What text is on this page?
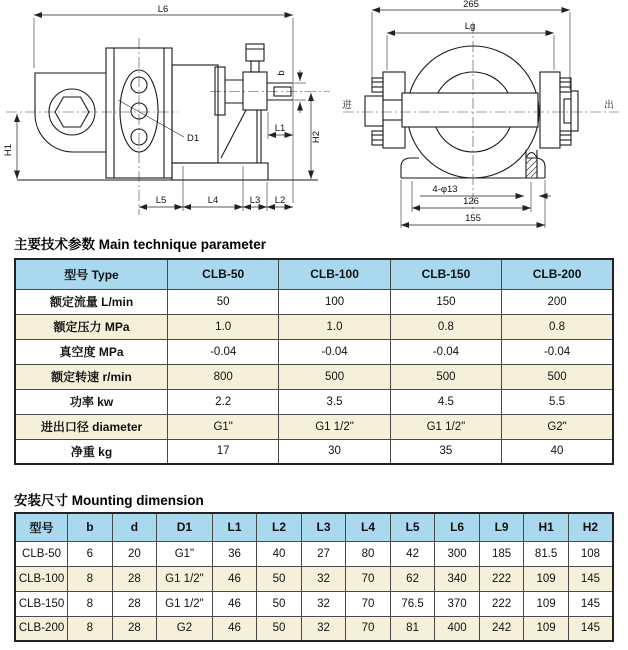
L6
H1
D1
b
L1
H2
L5	L4	L3 L2
265
Lg
进	出
4-φ13
126
155
主要技术参数 Main technique parameter
型号 Type	CLB-50	CLB-100	CLB-150	CLB-200
额定流量 L/min	50	100	150	200
额定压力 MPa	1.0	1.0	0.8	0.8
真空度 MPa	-0.04	-0.04	-0.04	-0.04
额定转速 r/min	800	500	500	500
功率 kw	2.2	3.5	4.5	5.5
进出口径 diameter	G1"	G1 1/2"	G1 1/2"	G2"
净重 kg	17	30	35	40
安装尺寸 Mounting dimension
型号	b	d	D1	L1	L2	L3	L4	L5	L6	L9	H1	H2
CLB-50	6	20	G1"	36	40	27	80	42	300	185	81.5	108
CLB-100	8	28	G1 1/2"	46	50	32	70	62	340	222	109	145
CLB-150	8	28	G1 1/2"	46	50	32	70	76.5	370	222	109	145
CLB-200	8	28	G2	46	50	32	70	81	400	242	109	145
